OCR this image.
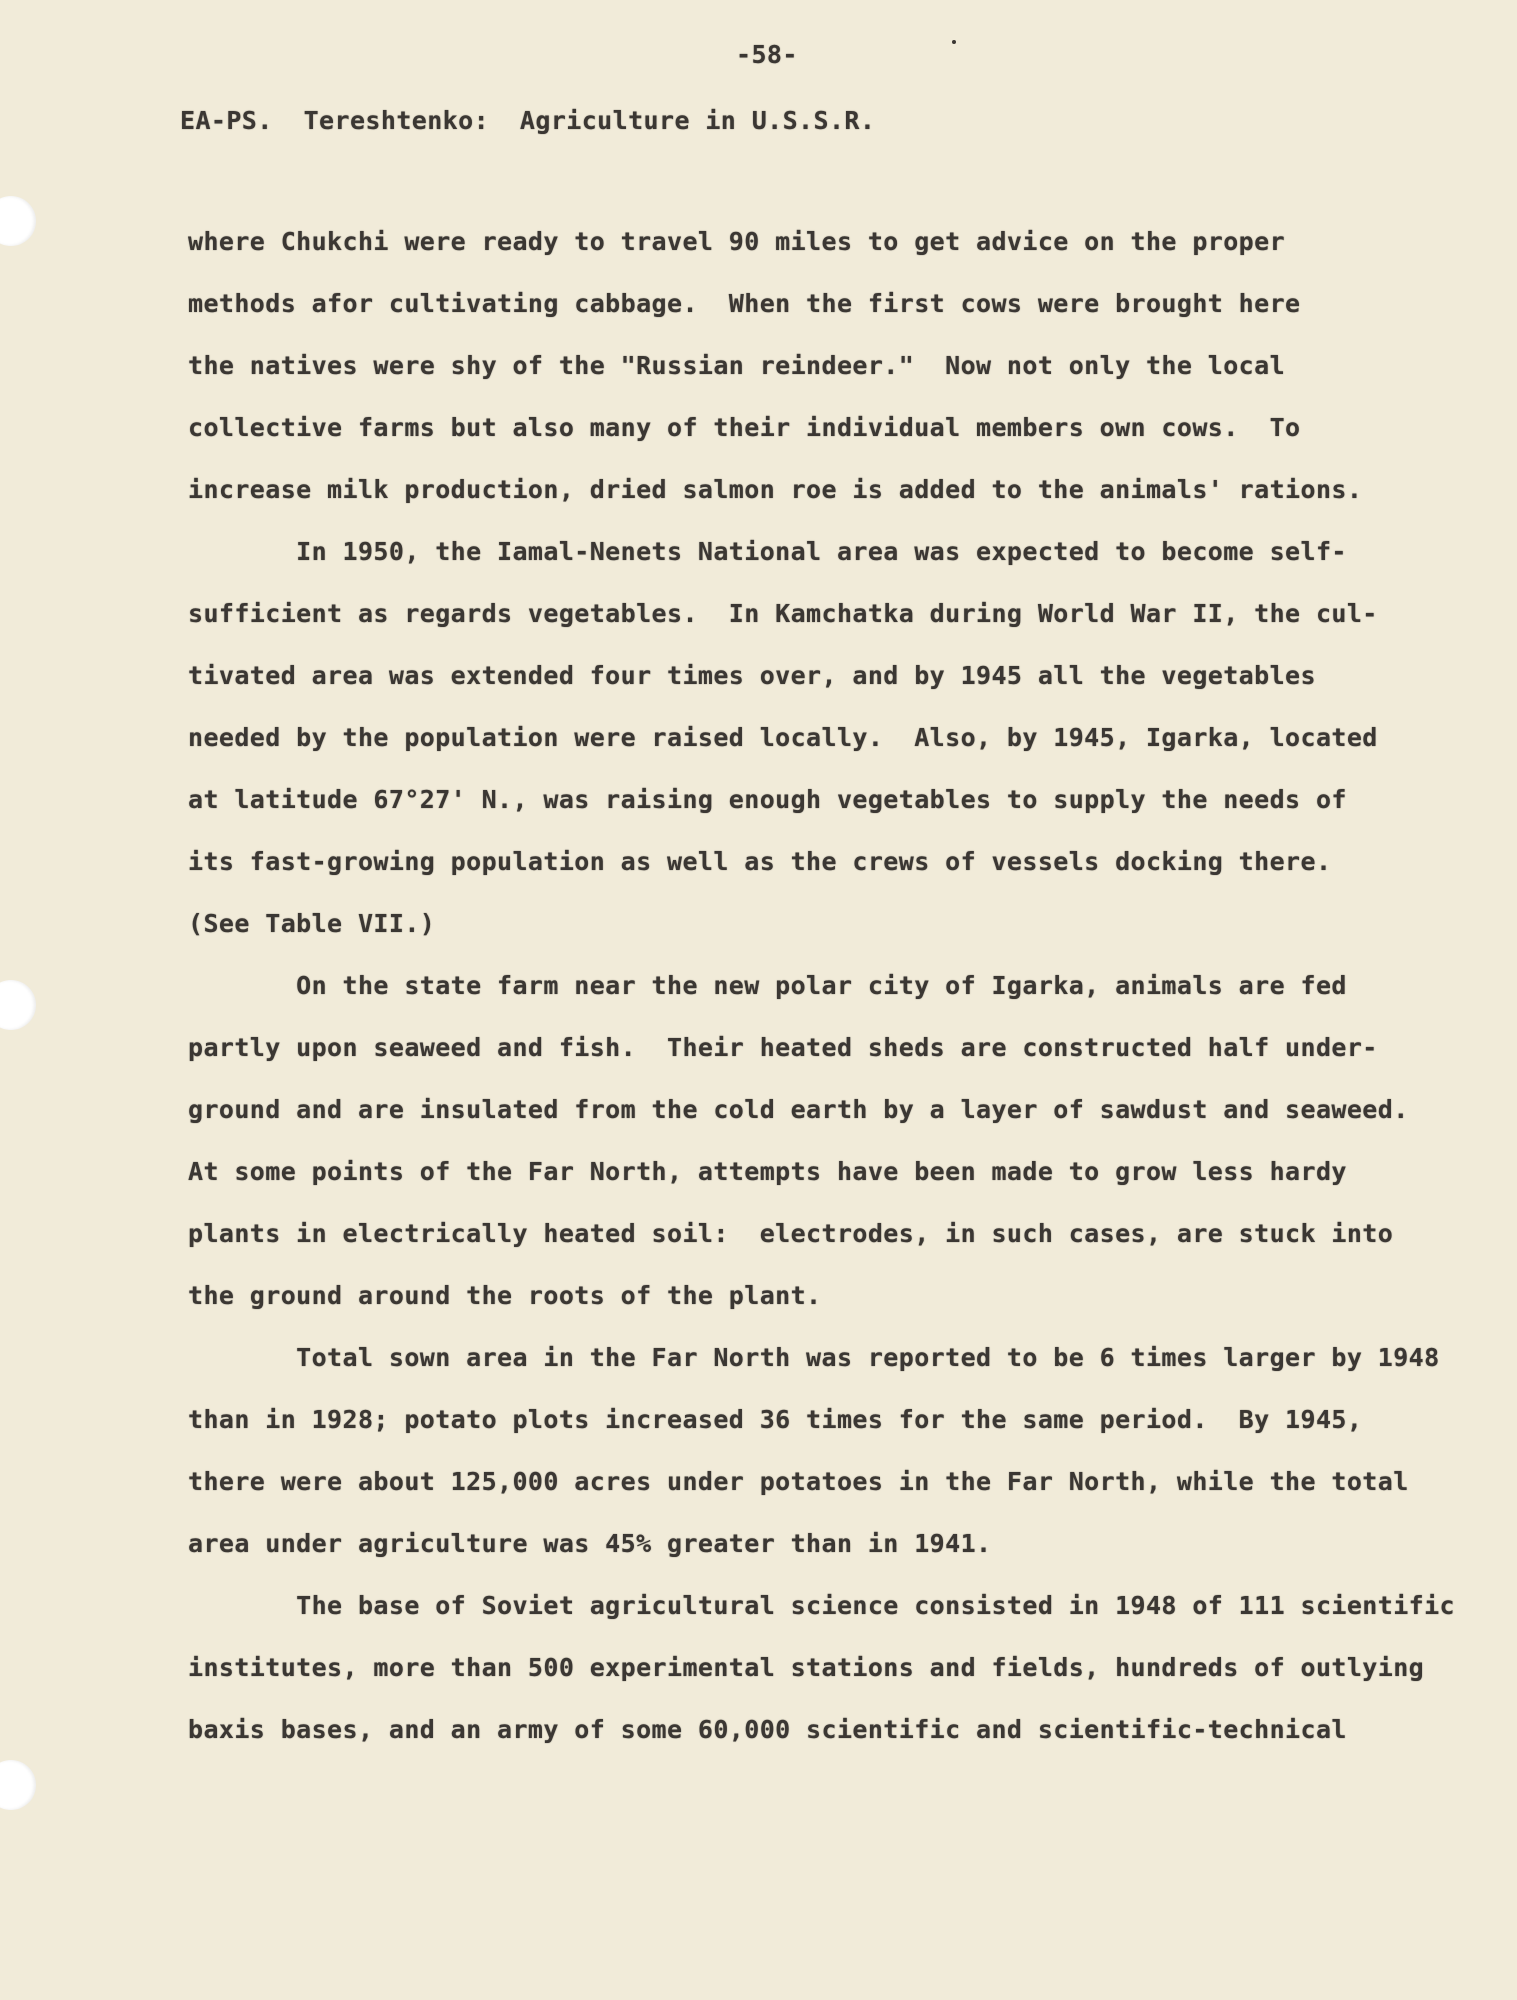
-58-
EA-PS.  Tereshtenko:  Agriculture in U.S.S.R.
where Chukchi were ready to travel 90 miles to get advice on the proper
methods afor cultivating cabbage.  When the first cows were brought here
the natives were shy of the "Russian reindeer."  Now not only the local
collective farms but also many of their individual members own cows.  To
increase milk production, dried salmon roe is added to the animals' rations.
In 1950, the Iamal-Nenets National area was expected to become self-
sufficient as regards vegetables.  In Kamchatka during World War II, the cul-
tivated area was extended four times over, and by 1945 all the vegetables
needed by the population were raised locally.  Also, by 1945, Igarka, located
at latitude 67°27' N., was raising enough vegetables to supply the needs of
its fast-growing population as well as the crews of vessels docking there.
(See Table VII.)
On the state farm near the new polar city of Igarka, animals are fed
partly upon seaweed and fish.  Their heated sheds are constructed half under-
ground and are insulated from the cold earth by a layer of sawdust and seaweed.
At some points of the Far North, attempts have been made to grow less hardy
plants in electrically heated soil:  electrodes, in such cases, are stuck into
the ground around the roots of the plant.
Total sown area in the Far North was reported to be 6 times larger by 1948
than in 1928; potato plots increased 36 times for the same period.  By 1945,
there were about 125,000 acres under potatoes in the Far North, while the total
area under agriculture was 45% greater than in 1941.
The base of Soviet agricultural science consisted in 1948 of 111 scientific
institutes, more than 500 experimental stations and fields, hundreds of outlying
baxis bases, and an army of some 60,000 scientific and scientific-technical
